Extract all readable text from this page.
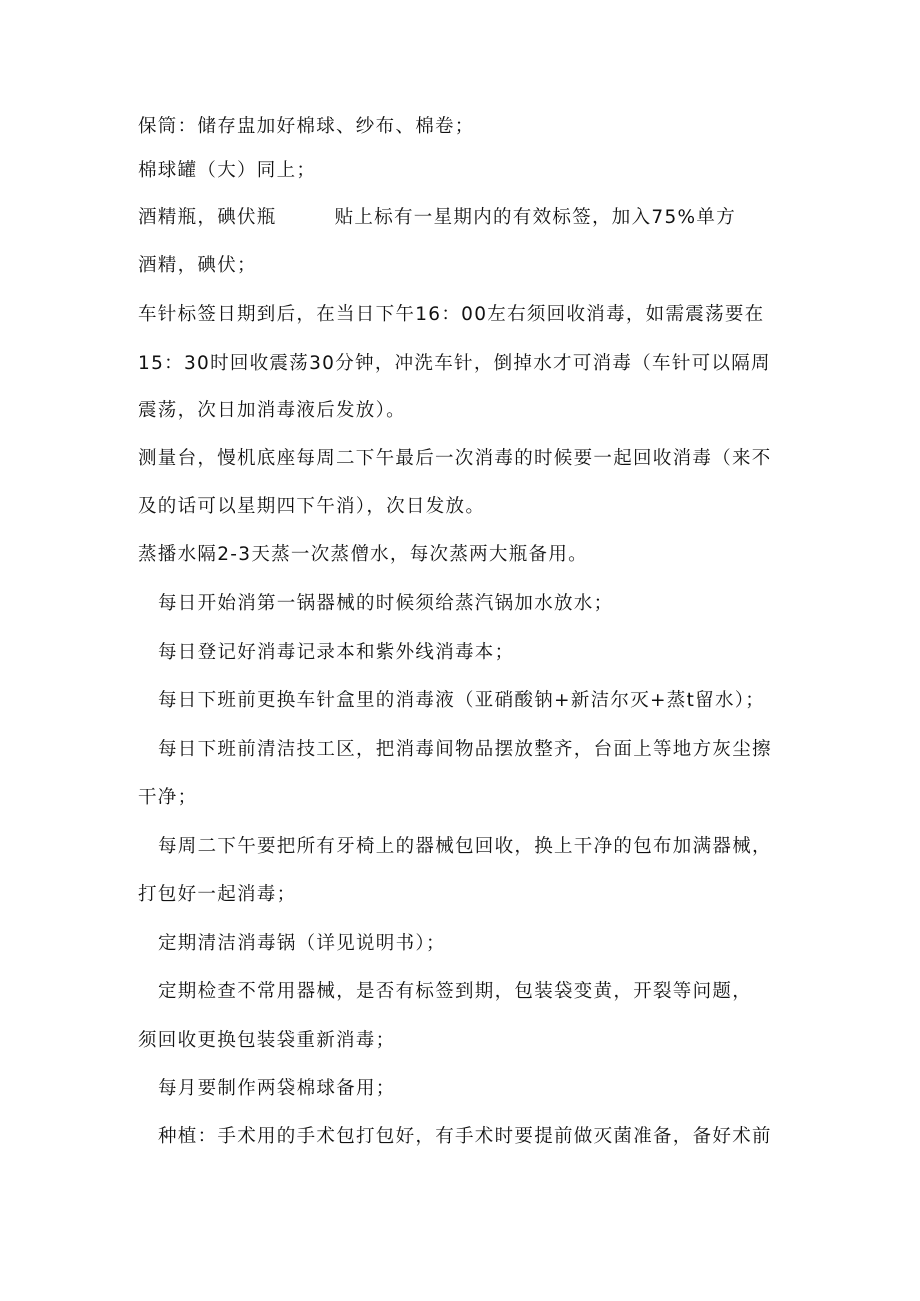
保筒：储存盅加好棉球、纱布、棉卷；
棉球罐（大）同上；
酒精瓶，碘伏瓶	贴上标有一星期内的有效标签，加入75%单方
酒精，碘伏；
车针标签日期到后，在当日下午16：00左右须回收消毒，如需震荡要在
15：30时回收震荡30分钟，冲洗车针，倒掉水才可消毒（车针可以隔周
震荡，次日加消毒液后发放）。
测量台，慢机底座每周二下午最后一次消毒的时候要一起回收消毒（来不
及的话可以星期四下午消），次日发放。
蒸播水隔2-3天蒸一次蒸僧水，每次蒸两大瓶备用。
每日开始消第一锅器械的时候须给蒸汽锅加水放水；
每日登记好消毒记录本和紫外线消毒本；
每日下班前更换车针盒里的消毒液（亚硝酸钠+新洁尔灭+蒸t留水）；
每日下班前清洁技工区，把消毒间物品摆放整齐，台面上等地方灰尘擦
干净；
每周二下午要把所有牙椅上的器械包回收，换上干净的包布加满器械，
打包好一起消毒；
定期清洁消毒锅（详见说明书）；
定期检查不常用器械，是否有标签到期，包装袋变黄，开裂等问题，
须回收更换包装袋重新消毒；
每月要制作两袋棉球备用；
种植：手术用的手术包打包好，有手术时要提前做灭菌准备，备好术前
